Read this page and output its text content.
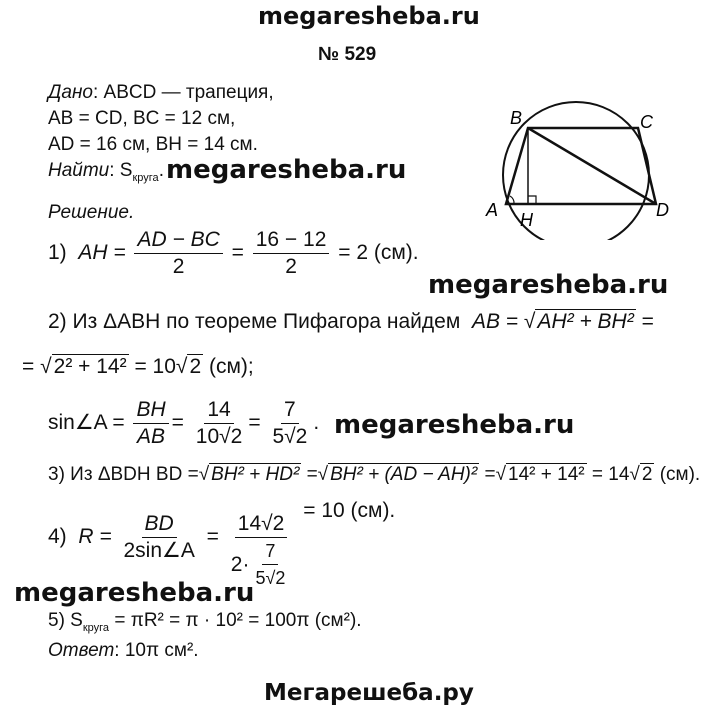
megaresheba.ru
№ 529
Дано: ABCD — трапеция,
AB = CD, BC = 12 см,
AD = 16 см, BH = 14 см.
Найти: $S_{круга}$.
Решение.
megaresheba.ru
megaresheba.ru
megaresheba.ru
megaresheba.ru
B	C
A H	D
1) AH = $\frac{AD - BC}{2} = \frac{16 - 12}{2} = 2$ (см).
2) Из ΔABH по теореме Пифагора найдем AB = √AH² + BH² =
= √2² + 14² = 10√2 (см);
sin∠A = $\frac{BH}{AB} = \frac{14}{10√2} = \frac{7}{5√2}$ .
3) Из ΔBDH BD =√ BH² + HD² =√ BH² + (AD − AH)² =√ 14² + 14² = 14√ 2 (см).
4) $R = \frac{BD}{2\sin\angle A} = \frac{14√2}{2\cdot \frac{7}{5√2}}$
= 10 (см).
5) $S_{круга} = \pi R^2 = \pi \cdot 10^2 = 100\pi$ (см²).
Ответ: 10π см².
Мегарешеба.ру
